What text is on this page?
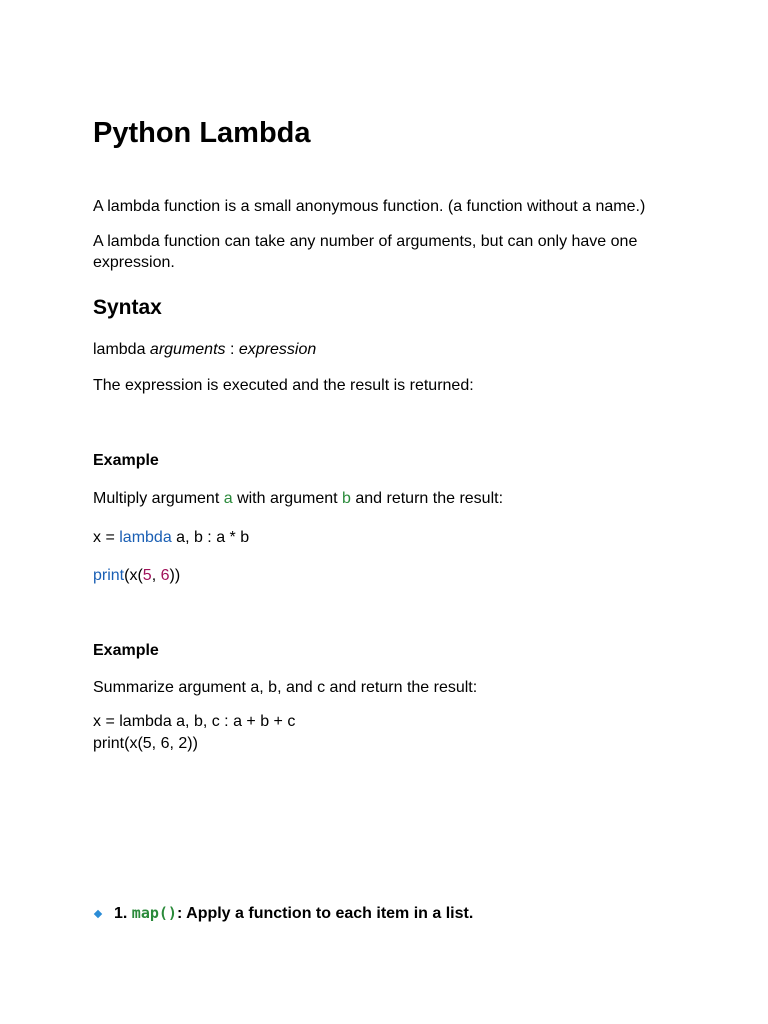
Python Lambda
A lambda function is a small anonymous function. (a function without a name.)
A lambda function can take any number of arguments, but can only have one expression.
Syntax
lambda arguments : expression
The expression is executed and the result is returned:
Example
Multiply argument a with argument b and return the result:
x = lambda a, b : a * b
print(x(5, 6))
Example
Summarize argument a, b, and c and return the result:
x = lambda a, b, c : a + b + c
print(x(5, 6, 2))
1.
map() : Apply a function to each item in a list.
